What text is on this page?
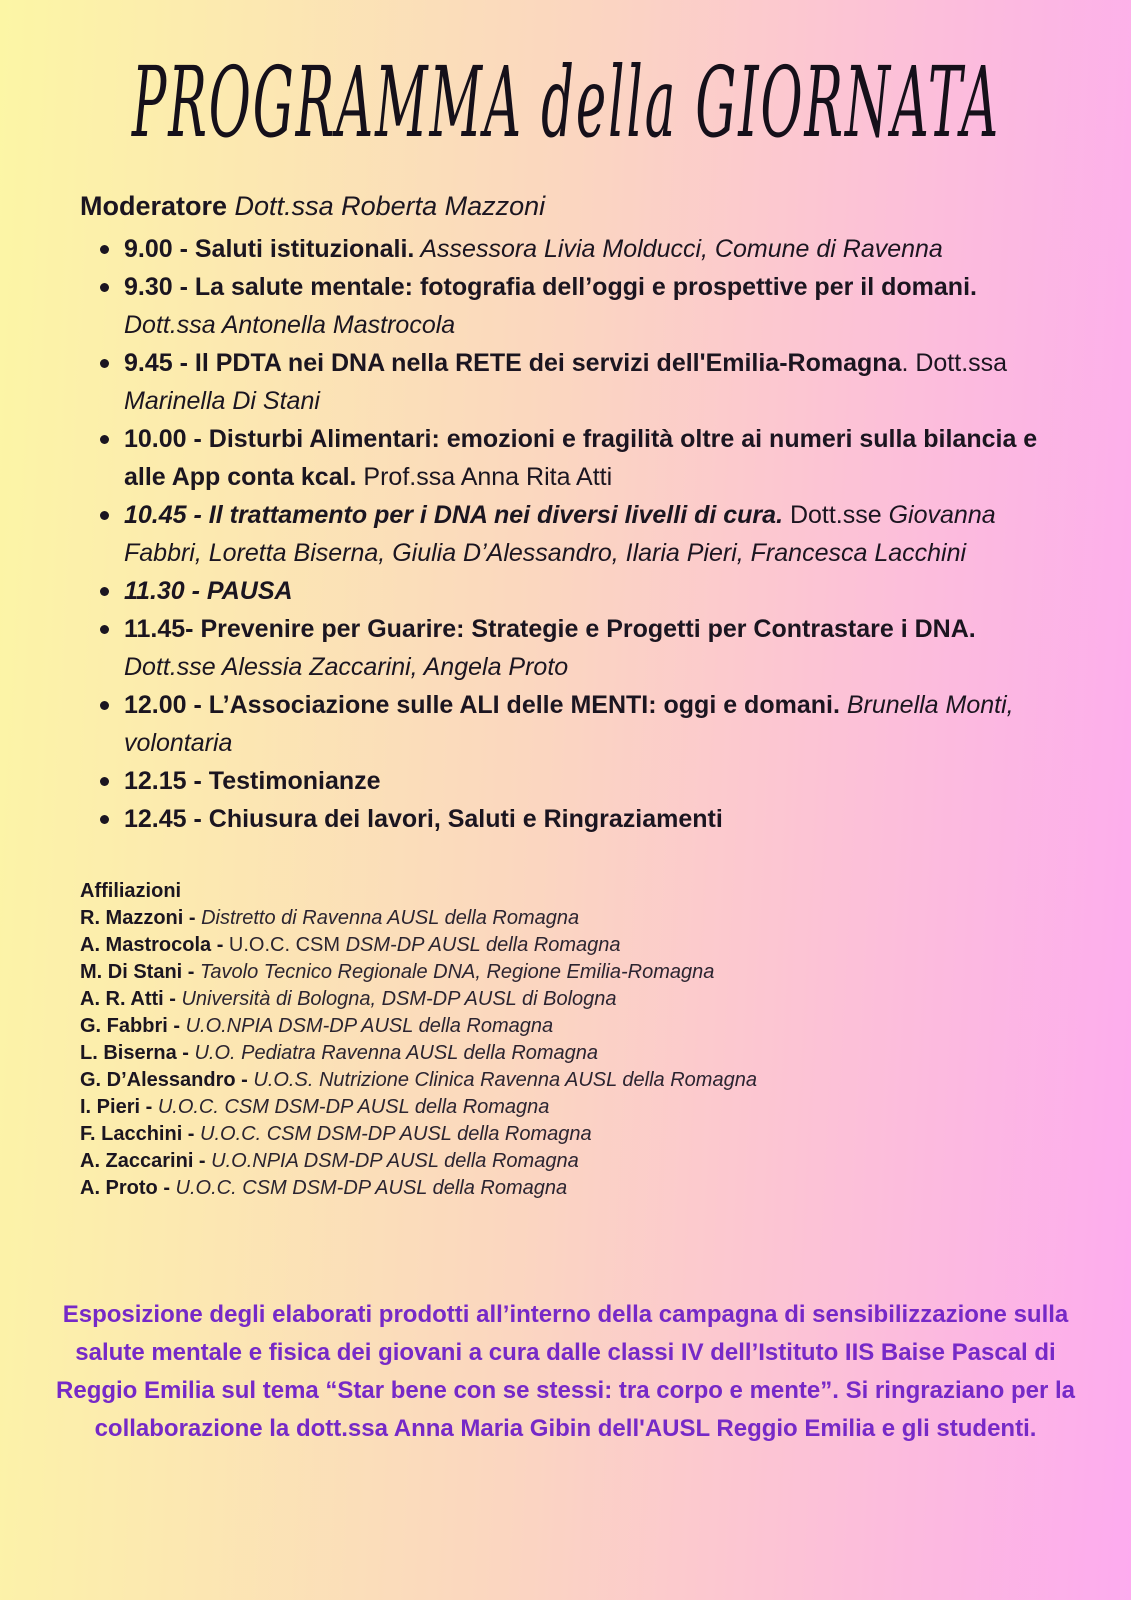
PROGRAMMA della GIORNATA

Moderatore Dott.ssa Roberta Mazzoni

9.00 - Saluti istituzionali. Assessora Livia Molducci, Comune di Ravenna
9.30 - La salute mentale: fotografia dell’oggi e prospettive per il domani. Dott.ssa Antonella Mastrocola
9.45 - Il PDTA nei DNA nella RETE dei servizi dell'Emilia-Romagna. Dott.ssa Marinella Di Stani
10.00 - Disturbi Alimentari: emozioni e fragilità oltre ai numeri sulla bilancia e alle App conta kcal. Prof.ssa Anna Rita Atti
10.45 - Il trattamento per i DNA nei diversi livelli di cura. Dott.sse Giovanna Fabbri, Loretta Biserna, Giulia D’Alessandro, Ilaria Pieri, Francesca Lacchini
11.30 - PAUSA
11.45- Prevenire per Guarire: Strategie e Progetti per Contrastare i DNA. Dott.sse Alessia Zaccarini, Angela Proto
12.00 - L’Associazione sulle ALI delle MENTI: oggi e domani. Brunella Monti, volontaria
12.15 - Testimonianze
12.45 - Chiusura dei lavori, Saluti e Ringraziamenti
Affiliazioni
R. Mazzoni - Distretto di Ravenna AUSL della Romagna
A. Mastrocola - U.O.C. CSM DSM-DP AUSL della Romagna
M. Di Stani - Tavolo Tecnico Regionale DNA, Regione Emilia-Romagna
A. R. Atti - Università di Bologna, DSM-DP AUSL di Bologna
G. Fabbri - U.O.NPIA DSM-DP AUSL della Romagna
L. Biserna - U.O. Pediatra Ravenna AUSL della Romagna
G. D’Alessandro - U.O.S. Nutrizione Clinica Ravenna AUSL della Romagna
I. Pieri - U.O.C. CSM DSM-DP AUSL della Romagna
F. Lacchini - U.O.C. CSM DSM-DP AUSL della Romagna
A. Zaccarini - U.O.NPIA DSM-DP AUSL della Romagna
A. Proto - U.O.C. CSM DSM-DP AUSL della Romagna

Esposizione degli elaborati prodotti all’interno della campagna di sensibilizzazione sulla salute mentale e fisica dei giovani a cura dalle classi IV dell’Istituto IIS Baise Pascal di Reggio Emilia sul tema “Star bene con se stessi: tra corpo e mente”. Si ringraziano per la collaborazione la dott.ssa Anna Maria Gibin dell'AUSL Reggio Emilia e gli studenti.
